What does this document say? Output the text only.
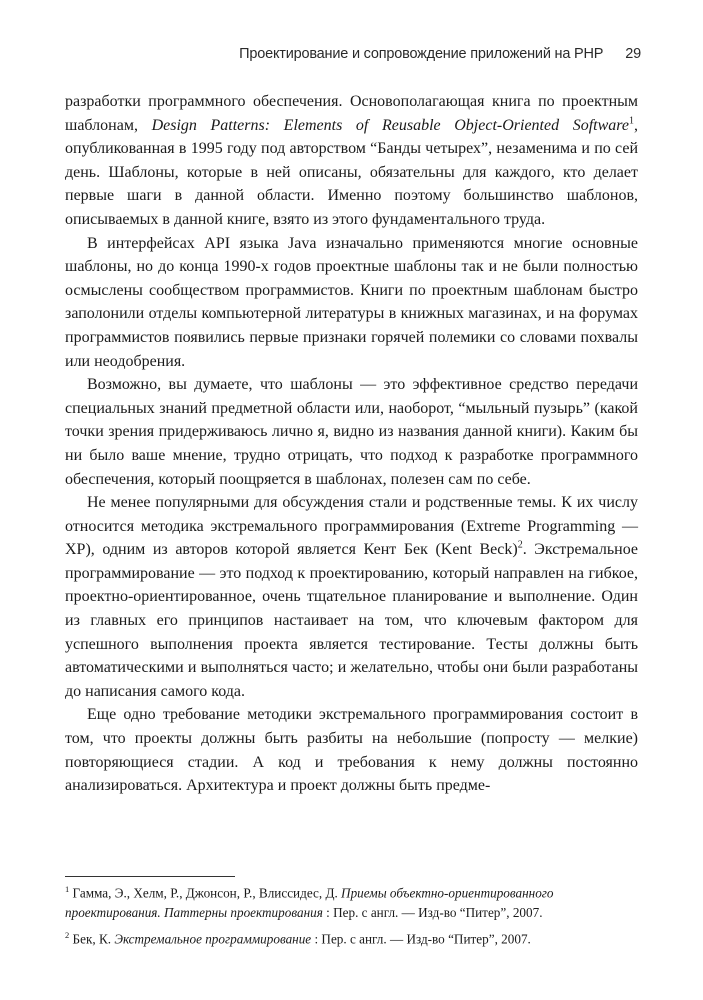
Проектирование и сопровождение приложений на PHP 29

разработки программного обеспечения. Основополагающая книга по проектным шаблонам, Design Patterns: Elements of Reusable Object-Oriented Software$^1$, опубликованная в 1995 году под авторством “Банды четырех”, незаменима и по сей день. Шаблоны, которые в ней описаны, обязательны для каждого, кто делает первые шаги в данной области. Именно поэтому большинство шаблонов, описываемых в данной книге, взято из этого фундаментального труда.

В интерфейсах API языка Java изначально применяются многие основные шаблоны, но до конца 1990-х годов проектные шаблоны так и не были полностью осмыслены сообществом программистов. Книги по проектным шаблонам быстро заполонили отделы компьютерной литературы в книжных магазинах, и на форумах программистов появились первые признаки горячей полемики со словами похвалы или неодобрения.

Возможно, вы думаете, что шаблоны — это эффективное средство передачи специальных знаний предметной области или, наоборот, “мыльный пузырь” (какой точки зрения придерживаюсь лично я, видно из названия данной книги). Каким бы ни было ваше мнение, трудно отрицать, что подход к разработке программного обеспечения, который поощряется в шаблонах, полезен сам по себе.

Не менее популярными для обсуждения стали и родственные темы. К их числу относится методика экстремального программирования (Extreme Programming — XP), одним из авторов которой является Кент Бек (Kent Beck)$^2$. Экстремальное программирование — это подход к проектированию, который направлен на гибкое, проектно-ориентированное, очень тщательное планирование и выполнение. Один из главных его принципов настаивает на том, что ключевым фактором для успешного выполнения проекта является тестирование. Тесты должны быть автоматическими и выполняться часто; и желательно, чтобы они были разработаны до написания самого кода.

Еще одно требование методики экстремального программирования состоит в том, что проекты должны быть разбиты на небольшие (попросту — мелкие) повторяющиеся стадии. А код и требования к нему должны постоянно анализироваться. Архитектура и проект должны быть предме-

$^1$ Гамма, Э., Хелм, Р., Джонсон, Р., Влиссидес, Д. Приемы объектно-ориентированного проектирования. Паттерны проектирования : Пер. с англ. — Изд-во “Питер”, 2007.

$^2$ Бек, К. Экстремальное программирование : Пер. с англ. — Изд-во “Питер”, 2007.
